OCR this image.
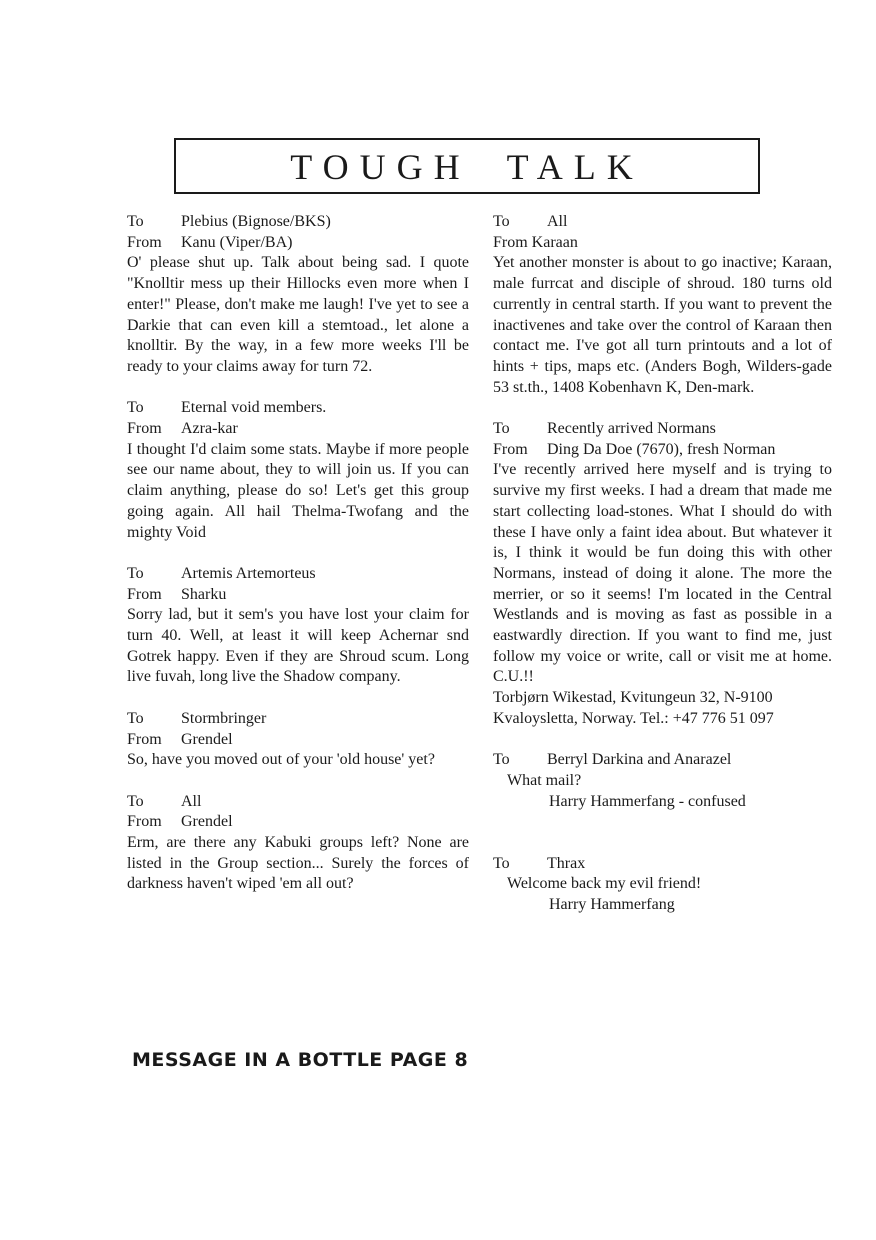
TOUGH TALK
To	Plebius (Bignose/BKS)
From	Kanu (Viper/BA)
O' please shut up. Talk about being sad. I quote "Knolltir mess up their Hillocks even more when I enter!" Please, don't make me laugh! I've yet to see a Darkie that can even kill a stemtoad., let alone a knolltir. By the way, in a few more weeks I'll be ready to your claims away for turn 72.
To	Eternal void members.
From	Azra-kar
I thought I'd claim some stats. Maybe if more people see our name about, they to will join us. If you can claim anything, please do so! Let's get this group going again. All hail Thelma-Twofang and the mighty Void
To	Artemis Artemorteus
From	Sharku
Sorry lad, but it sem's you have lost your claim for turn 40. Well, at least it will keep Achernar snd Gotrek happy. Even if they are Shroud scum. Long live fuvah, long live the Shadow company.
To	Stormbringer
From	Grendel
So, have you moved out of your 'old house' yet?
To	All
From	Grendel
Erm, are there any Kabuki groups left? None are listed in the Group section... Surely the forces of darkness haven't wiped 'em all out?
To	All
From Karaan
Yet another monster is about to go inactive; Karaan, male furrcat and disciple of shroud. 180 turns old currently in central starth. If you want to prevent the inactivenes and take over the control of Karaan then contact me. I've got all turn printouts and a lot of hints + tips, maps etc. (Anders Bogh, Wilders-gade 53 st.th., 1408 Kobenhavn K, Den-mark.
To	Recently arrived Normans
From	Ding Da Doe (7670), fresh Norman
I've recently arrived here myself and is trying to survive my first weeks. I had a dream that made me start collecting load-stones. What I should do with these I have only a faint idea about. But whatever it is, I think it would be fun doing this with other Normans, instead of doing it alone. The more the merrier, or so it seems! I'm located in the Central Westlands and is moving as fast as possible in a eastwardly direction. If you want to find me, just follow my voice or write, call or visit me at home. C.U.!!
Torbjørn Wikestad, Kvitungeun 32, N-9100
Kvaloysletta, Norway. Tel.: +47 776 51 097
To	Berryl Darkina and Anarazel
What mail?
Harry Hammerfang - confused
To	Thrax
Welcome back my evil friend!
Harry Hammerfang
MESSAGE IN A BOTTLE PAGE 8
